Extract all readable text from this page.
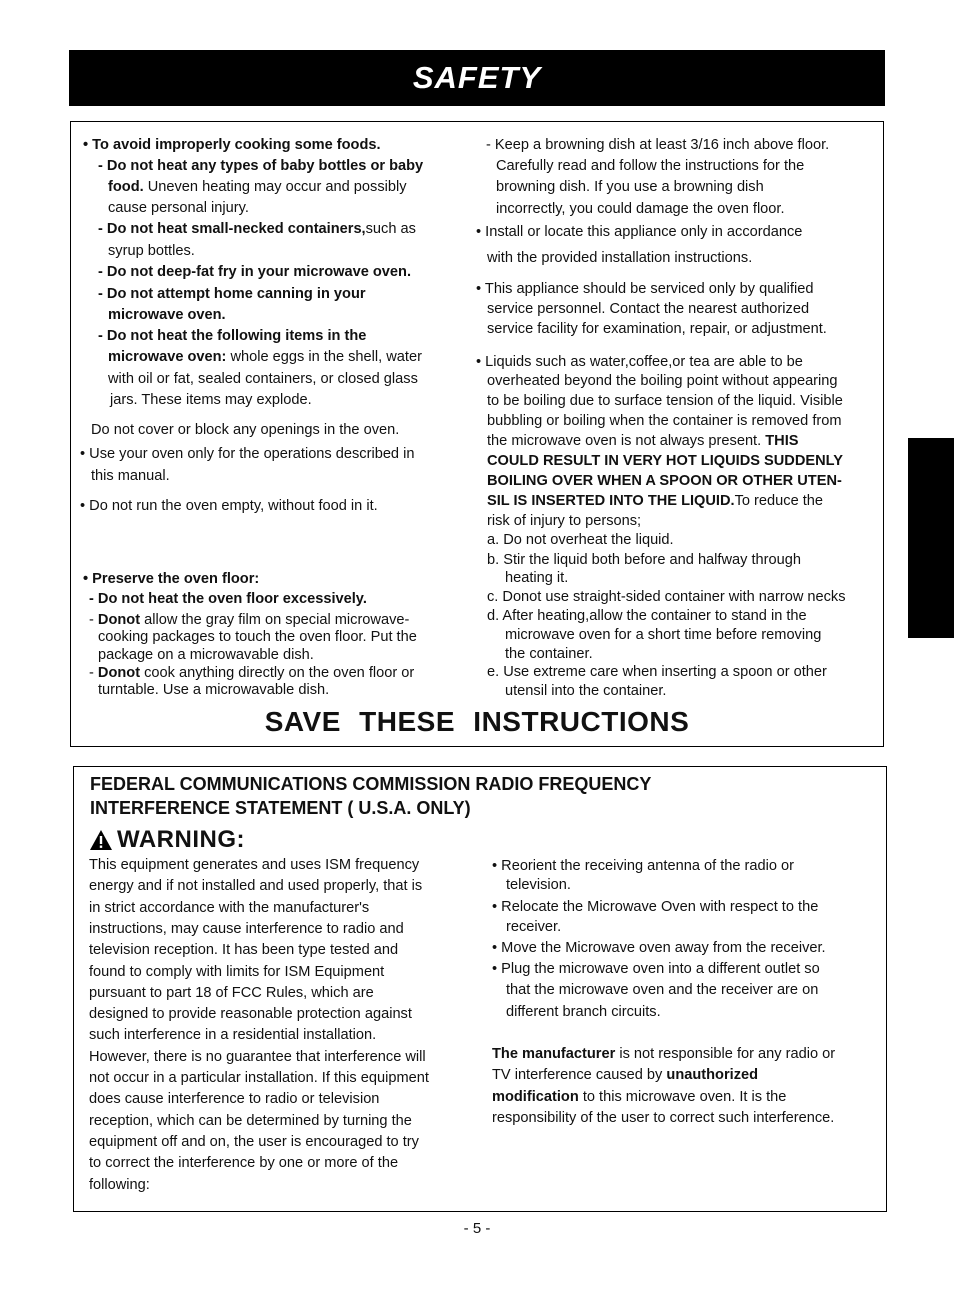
SAFETY
• To avoid improperly cooking some foods.
- Do not heat any types of baby bottles or baby
food. Uneven heating may occur and possibly
cause personal injury.
- Do not heat small-necked containers,such as
syrup bottles.
- Do not deep-fat fry in your microwave oven.
- Do not attempt home canning in your
microwave oven.
- Do not heat the following items in the
microwave oven: whole eggs in the shell, water
with oil or fat, sealed containers, or closed glass
jars. These items may explode.
Do not cover or block any openings in the oven.
• Use your oven only for the operations described in
this manual.
• Do not run the oven empty, without food in it.
• Preserve the oven floor:
- Do not heat the oven floor excessively.
- Donot allow the gray film on special microwave-
cooking packages to touch the oven floor. Put the
package on a microwavable dish.
- Donot cook anything directly on the oven floor or
turntable. Use a microwavable dish.
- Keep a browning dish at least 3/16 inch above floor.
Carefully read and follow the instructions for the
browning dish. If you use a browning dish
incorrectly, you could damage the oven floor.
• Install or locate this appliance only in accordance
with the provided installation instructions.
• This appliance should be serviced only by qualified
service personnel. Contact the nearest authorized
service facility for examination, repair, or adjustment.
• Liquids such as water,coffee,or tea are able to be
overheated beyond the boiling point without appearing
to be boiling due to surface tension of the liquid. Visible
bubbling or boiling when the container is removed from
the microwave oven is not always present. THIS
COULD RESULT IN VERY HOT LIQUIDS SUDDENLY
BOILING OVER WHEN A SPOON OR OTHER UTEN-
SIL IS INSERTED INTO THE LIQUID.To reduce the
risk of injury to persons;
a. Do not overheat the liquid.
b. Stir the liquid both before and halfway through
heating it.
c. Donot use straight-sided container with narrow necks
d. After heating,allow the container to stand in the
microwave oven for a short time before removing
the container.
e. Use extreme care when inserting a spoon or other
utensil into the container.
SAVE THESE INSTRUCTIONS
FEDERAL COMMUNICATIONS COMMISSION RADIO FREQUENCY
INTERFERENCE STATEMENT ( U.S.A. ONLY)
WARNING:
This equipment generates and uses ISM frequency
energy and if not installed and used properly, that is
in strict accordance with the manufacturer's
instructions, may cause interference to radio and
television reception. It has been type tested and
found to comply with limits for ISM Equipment
pursuant to part 18 of FCC Rules, which are
designed to provide reasonable protection against
such interference in a residential installation.
However, there is no guarantee that interference will
not occur in a particular installation. If this equipment
does cause interference to radio or television
reception, which can be determined by turning the
equipment off and on, the user is encouraged to try
to correct the interference by one or more of the
following:
• Reorient the receiving antenna of the radio or
television.
• Relocate the Microwave Oven with respect to the
receiver.
• Move the Microwave oven away from the receiver.
• Plug the microwave oven into a different outlet so
that the microwave oven and the receiver are on
different branch circuits.
The manufacturer is not responsible for any radio or
TV interference caused by unauthorized
modification to this microwave oven. It is the
responsibility of the user to correct such interference.
- 5 -
